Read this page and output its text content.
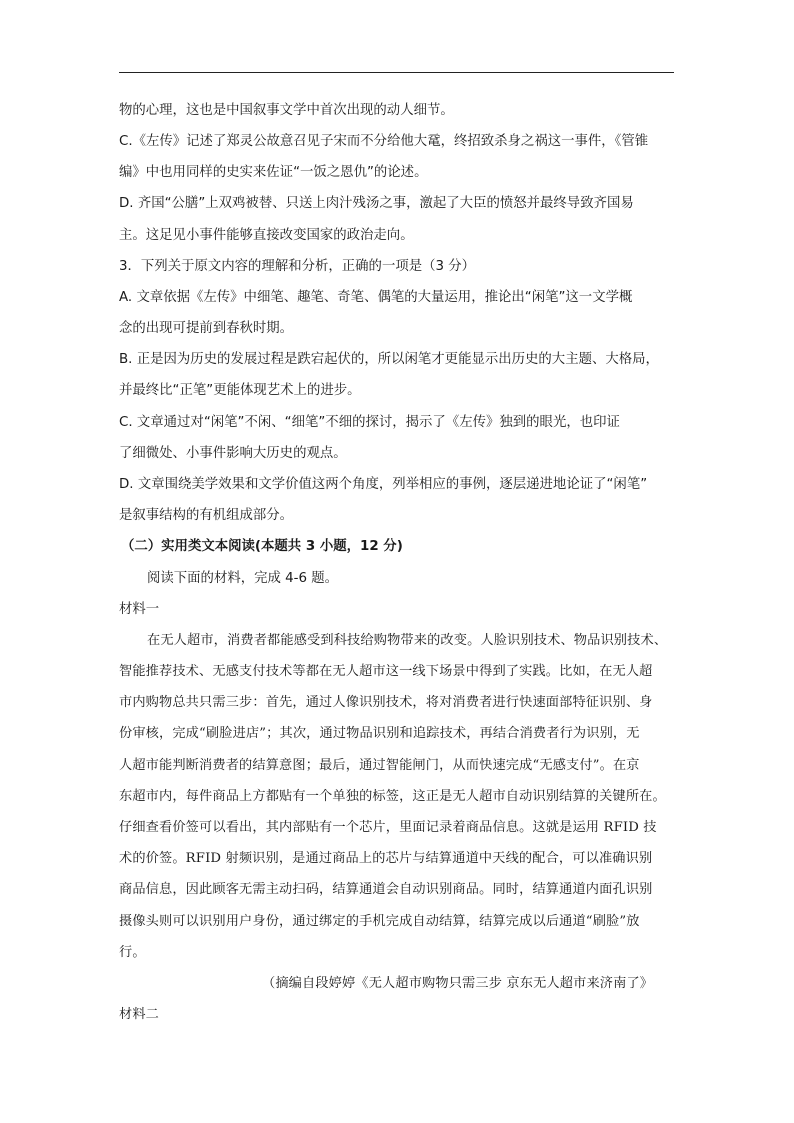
物的心理，这也是中国叙事文学中首次出现的动人细节。
C.《左传》记述了郑灵公故意召见子宋而不分给他大鼋，终招致杀身之祸这一事件，《管锥
编》中也用同样的史实来佐证“一饭之恩仇”的论述。
D. 齐国“公膳”上双鸡被替、只送上肉汁残汤之事，激起了大臣的愤怒并最终导致齐国易
主。这足见小事件能够直接改变国家的政治走向。
3．下列关于原文内容的理解和分析，正确的一项是（3 分）
A. 文章依据《左传》中细笔、趣笔、奇笔、偶笔的大量运用，推论出“闲笔”这一文学概
念的出现可提前到春秋时期。
B. 正是因为历史的发展过程是跌宕起伏的，所以闲笔才更能显示出历史的大主题、大格局，
并最终比“正笔”更能体现艺术上的进步。
C. 文章通过对“闲笔”不闲、“细笔”不细的探讨，揭示了《左传》独到的眼光，也印证
了细微处、小事件影响大历史的观点。
D. 文章围绕美学效果和文学价值这两个角度，列举相应的事例，逐层递进地论证了“闲笔”
是叙事结构的有机组成部分。
（二）实用类文本阅读(本题共 3 小题，12 分)
阅读下面的材料，完成 4-6 题。
材料一
在无人超市，消费者都能感受到科技给购物带来的改变。人脸识别技术、物品识别技术、
智能推荐技术、无感支付技术等都在无人超市这一线下场景中得到了实践。比如，在无人超
市内购物总共只需三步：首先，通过人像识别技术，将对消费者进行快速面部特征识别、身
份审核，完成“刷脸进店”；其次，通过物品识别和追踪技术，再结合消费者行为识别，无
人超市能判断消费者的结算意图；最后，通过智能闸门，从而快速完成“无感支付”。在京
东超市内，每件商品上方都贴有一个单独的标签，这正是无人超市自动识别结算的关键所在。
仔细查看价签可以看出，其内部贴有一个芯片，里面记录着商品信息。这就是运用 RFID 技
术的价签。RFID 射频识别，是通过商品上的芯片与结算通道中天线的配合，可以准确识别
商品信息，因此顾客无需主动扫码，结算通道会自动识别商品。同时，结算通道内面孔识别
摄像头则可以识别用户身份，通过绑定的手机完成自动结算，结算完成以后通道“刷脸”放
行。
（摘编自段婷婷《无人超市购物只需三步 京东无人超市来济南了》
材料二
